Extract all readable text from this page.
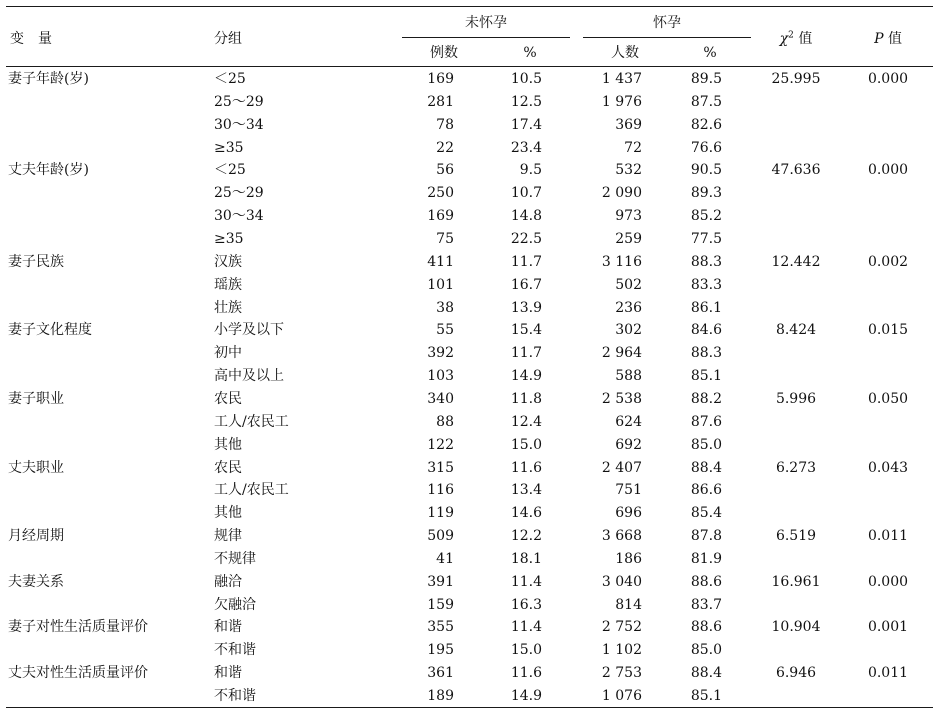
变　量	分组
未怀孕	怀孕
例数	%	人数	%
$\chi^2$ 值	P 值
妻子年龄(岁)	＜25	169	10.5	1 437	89.5	25.995	0.000
25～29	281	12.5	1 976	87.5
30～34	78	17.4	369	82.6
≥35	22	23.4	72	76.6
丈夫年龄(岁)	＜25	56	9.5	532	90.5	47.636	0.000
25～29	250	10.7	2 090	89.3
30～34	169	14.8	973	85.2
≥35	75	22.5	259	77.5
妻子民族	汉族	411	11.7	3 116	88.3	12.442	0.002
瑶族	101	16.7	502	83.3
壮族	38	13.9	236	86.1
妻子文化程度	小学及以下	55	15.4	302	84.6	8.424	0.015
初中	392	11.7	2 964	88.3
高中及以上	103	14.9	588	85.1
妻子职业	农民	340	11.8	2 538	88.2	5.996	0.050
工人/农民工	88	12.4	624	87.6
其他	122	15.0	692	85.0
丈夫职业	农民	315	11.6	2 407	88.4	6.273	0.043
工人/农民工	116	13.4	751	86.6
其他	119	14.6	696	85.4
月经周期	规律	509	12.2	3 668	87.8	6.519	0.011
不规律	41	18.1	186	81.9
夫妻关系	融洽	391	11.4	3 040	88.6	16.961	0.000
欠融洽	159	16.3	814	83.7
妻子对性生活质量评价	和谐	355	11.4	2 752	88.6	10.904	0.001
不和谐	195	15.0	1 102	85.0
丈夫对性生活质量评价	和谐	361	11.6	2 753	88.4	6.946	0.011
不和谐	189	14.9	1 076	85.1
